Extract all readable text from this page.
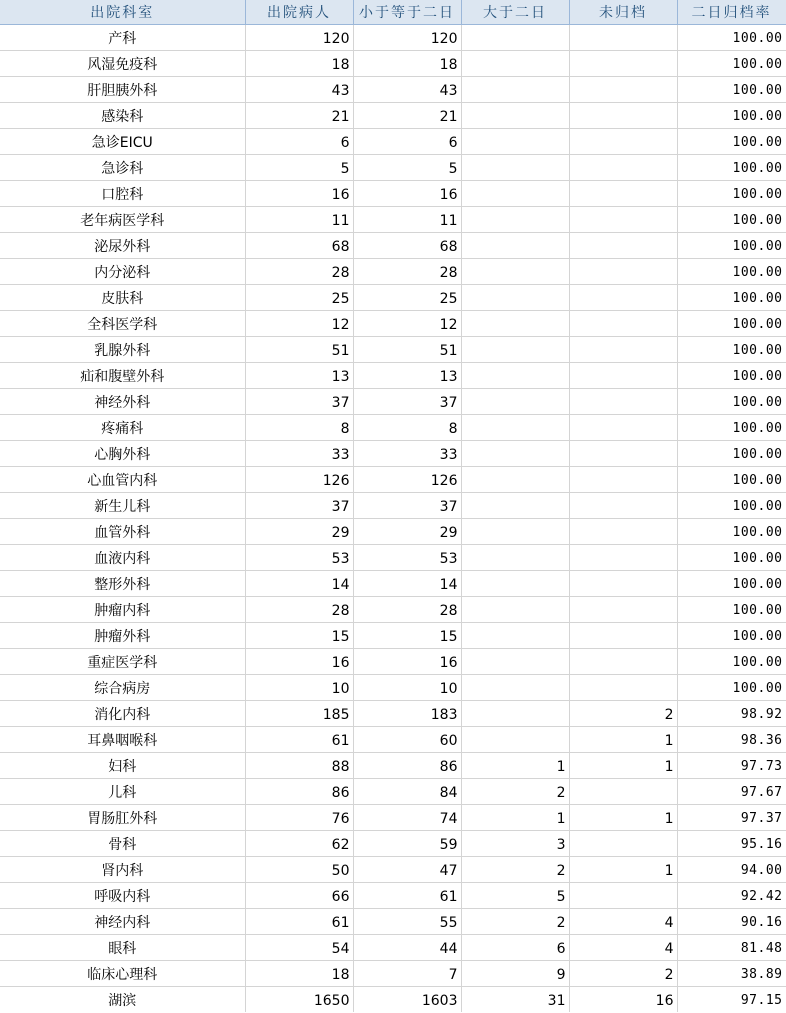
出院科室	出院病人	小于等于二日	大于二日	未归档	二日归档率
产科	120	120			100.00
风湿免疫科	18	18			100.00
肝胆胰外科	43	43			100.00
感染科	21	21			100.00
急诊EICU	6	6			100.00
急诊科	5	5			100.00
口腔科	16	16			100.00
老年病医学科	11	11			100.00
泌尿外科	68	68			100.00
内分泌科	28	28			100.00
皮肤科	25	25			100.00
全科医学科	12	12			100.00
乳腺外科	51	51			100.00
疝和腹壁外科	13	13			100.00
神经外科	37	37			100.00
疼痛科	8	8			100.00
心胸外科	33	33			100.00
心血管内科	126	126			100.00
新生儿科	37	37			100.00
血管外科	29	29			100.00
血液内科	53	53			100.00
整形外科	14	14			100.00
肿瘤内科	28	28			100.00
肿瘤外科	15	15			100.00
重症医学科	16	16			100.00
综合病房	10	10			100.00
消化内科	185	183		2	98.92
耳鼻咽喉科	61	60		1	98.36
妇科	88	86	1	1	97.73
儿科	86	84	2		97.67
胃肠肛外科	76	74	1	1	97.37
骨科	62	59	3		95.16
肾内科	50	47	2	1	94.00
呼吸内科	66	61	5		92.42
神经内科	61	55	2	4	90.16
眼科	54	44	6	4	81.48
临床心理科	18	7	9	2	38.89
湖滨	1650	1603	31	16	97.15
